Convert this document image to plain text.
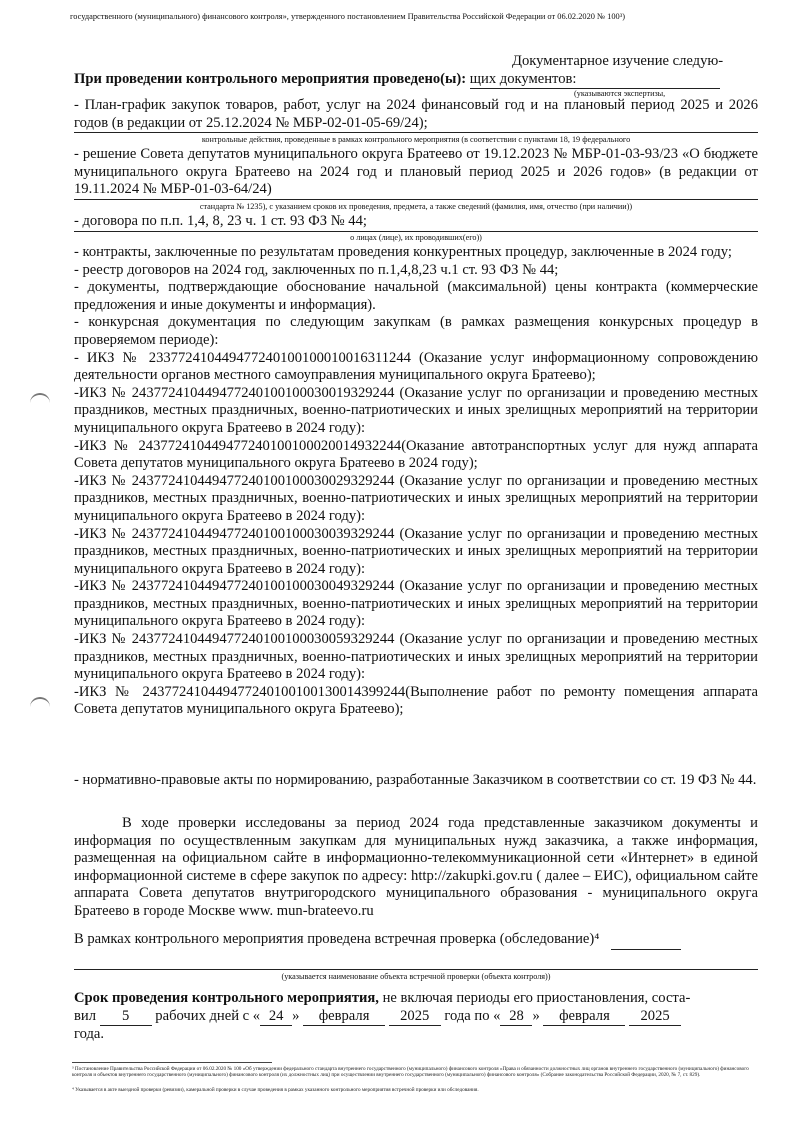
государственного (муниципального) финансового контроля», утвержденного постановлением Правительства Российской Федерации от 06.02.2020 № 100³)
Документарное изучение следую-
При проведении контрольного мероприятия проведено(ы): щих документов:
(указываются экспертизы,
- План-график закупок товаров, работ, услуг на 2024 финансовый год и на плановый период 2025 и 2026 годов (в редакции от 25.12.2024 № МБР-02-01-05-69/24);
контрольные действия, проведенные в рамках контрольного мероприятия (в соответствии с пунктами 18, 19 федерального
- решение Совета депутатов муниципального округа Братеево от 19.12.2023 № МБР-01-03-93/23 «О бюджете муниципального округа Братеево на 2024 год и плановый период 2025 и 2026 годов» (в редакции от 19.11.2024 № МБР-01-03-64/24)
стандарта № 1235), с указанием сроков их проведения, предмета, а также сведений (фамилия, имя, отчество (при наличии))
- договора по п.п. 1,4, 8, 23 ч. 1 ст. 93 ФЗ № 44;
о лицах (лице), их проводивших(его))
- контракты, заключенные по результатам проведения конкурентных процедур, заключенные в 2024 году;
- реестр договоров на 2024 год, заключенных по п.1,4,8,23 ч.1 ст. 93 ФЗ № 44;
- документы, подтверждающие обоснование начальной (максимальной) цены контракта (коммерческие предложения и иные документы и информация).
- конкурсная документация по следующим закупкам (в рамках размещения конкурсных процедур в проверяемом периоде):
- ИКЗ № 233772410449477240100100010016311244 (Оказание услуг информационному сопровождению деятельности органов местного самоуправления муниципального округа Братеево);
-ИКЗ № 243772410449477240100100030019329244 (Оказание услуг по организации и проведению местных праздников, местных праздничных, военно-патриотических и иных зрелищных мероприятий на территории муниципального округа Братеево в 2024 году):
-ИКЗ № 243772410449477240100100020014932244(Оказание автотранспортных услуг для нужд аппарата Совета депутатов муниципального округа Братеево в 2024 году);
-ИКЗ № 243772410449477240100100030029329244 (Оказание услуг по организации и проведению местных праздников, местных праздничных, военно-патриотических и иных зрелищных мероприятий на территории муниципального округа Братеево в 2024 году):
-ИКЗ № 243772410449477240100100030039329244 (Оказание услуг по организации и проведению местных праздников, местных праздничных, военно-патриотических и иных зрелищных мероприятий на территории муниципального округа Братеево в 2024 году):
-ИКЗ № 243772410449477240100100030049329244 (Оказание услуг по организации и проведению местных праздников, местных праздничных, военно-патриотических и иных зрелищных мероприятий на территории муниципального округа Братеево в 2024 году):
-ИКЗ № 243772410449477240100100030059329244 (Оказание услуг по организации и проведению местных праздников, местных праздничных, военно-патриотических и иных зрелищных мероприятий на территории муниципального округа Братеево в 2024 году):
-ИКЗ № 243772410449477240100100130014399244(Выполнение работ по ремонту помещения аппарата Совета депутатов муниципального округа Братеево);
- нормативно-правовые акты по нормированию, разработанные Заказчиком в соответствии со ст. 19 ФЗ № 44.
В ходе проверки исследованы за период 2024 года представленные заказчиком документы и информация по осуществленным закупкам для муниципальных нужд заказчика, а также информация, размещенная на официальном сайте в информационно-телекоммуникационной сети «Интернет» в единой информационной системе в сфере закупок по адресу: http://zakupki.gov.ru ( далее – ЕИС), официальном сайте аппарата Совета депутатов внутригородского муниципального образования - муниципального округа Братеево в городе Москве www. mun-brateevo.ru
В рамках контрольного мероприятия проведена встречная проверка (обследование)⁴
(указывается наименование объекта встречной проверки (объекта контроля))
Срок проведения контрольного мероприятия, не включая периоды его приостановления, соста-
вил 5 рабочих дней с « 24 » февраля 2025 года по « 28 » февраля 2025
года.
³ Постановление Правительства Российской Федерации от 06.02.2020 № 100 «Об утверждении федерального стандарта внутреннего государственного (муниципального) финансового контроля «Права и обязанности должностных лиц органов внутреннего государственного (муниципального) финансового контроля и объектов внутреннего государственного (муниципального) финансового контроля (их должностных лиц) при осуществлении внутреннего государственного (муниципального) финансового контроля» (Собрание законодательства Российской Федерации, 2020, № 7, ст. 829).
⁴ Указывается в акте выездной проверки (ревизии), камеральной проверки в случае проведения в рамках указанного контрольного мероприятия встречной проверки или обследования.
